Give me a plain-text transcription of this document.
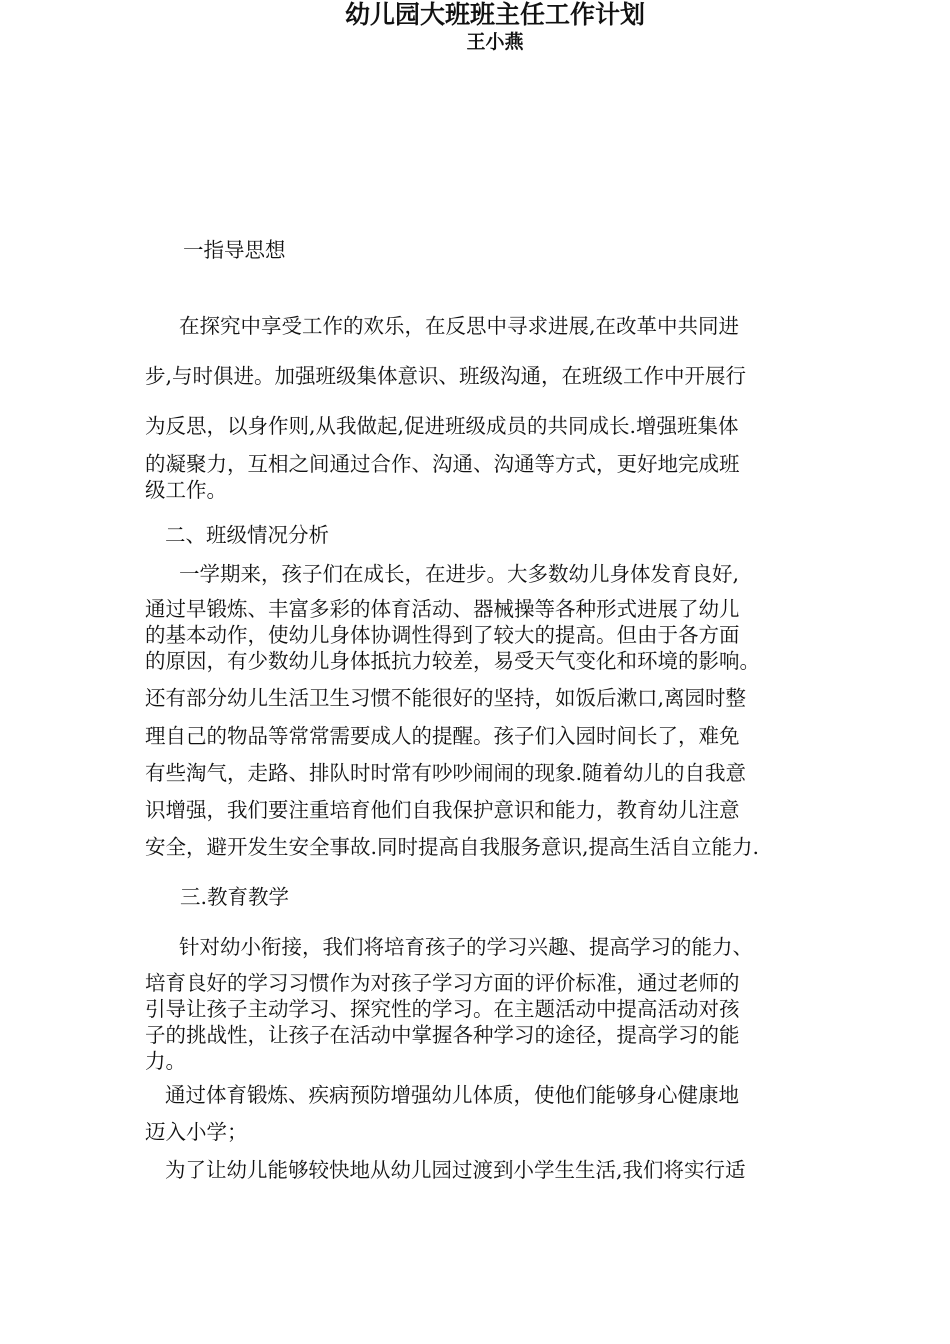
幼儿园大班班主任工作计划
王小燕
一指导思想
在探究中享受工作的欢乐，在反思中寻求进展,在改革中共同进
步,与时俱进。加强班级集体意识、班级沟通，在班级工作中开展行
为反思，以身作则,从我做起,促进班级成员的共同成长.增强班集体
的凝聚力，互相之间通过合作、沟通、沟通等方式，更好地完成班
级工作。
二、班级情况分析
一学期来，孩子们在成长，在进步。大多数幼儿身体发育良好,
通过早锻炼、丰富多彩的体育活动、器械操等各种形式进展了幼儿
的基本动作，使幼儿身体协调性得到了较大的提高。但由于各方面
的原因，有少数幼儿身体抵抗力较差，易受天气变化和环境的影响。
还有部分幼儿生活卫生习惯不能很好的坚持，如饭后漱口,离园时整
理自己的物品等常常需要成人的提醒。孩子们入园时间长了，难免
有些淘气，走路、排队时时常有吵吵闹闹的现象.随着幼儿的自我意
识增强，我们要注重培育他们自我保护意识和能力，教育幼儿注意
安全，避开发生安全事故.同时提高自我服务意识,提高生活自立能力.
三.教育教学
针对幼小衔接，我们将培育孩子的学习兴趣、提高学习的能力、
培育良好的学习习惯作为对孩子学习方面的评价标准，通过老师的
引导让孩子主动学习、探究性的学习。在主题活动中提高活动对孩
子的挑战性，让孩子在活动中掌握各种学习的途径，提高学习的能
力。
通过体育锻炼、疾病预防增强幼儿体质，使他们能够身心健康地
迈入小学；
为了让幼儿能够较快地从幼儿园过渡到小学生生活,我们将实行适
